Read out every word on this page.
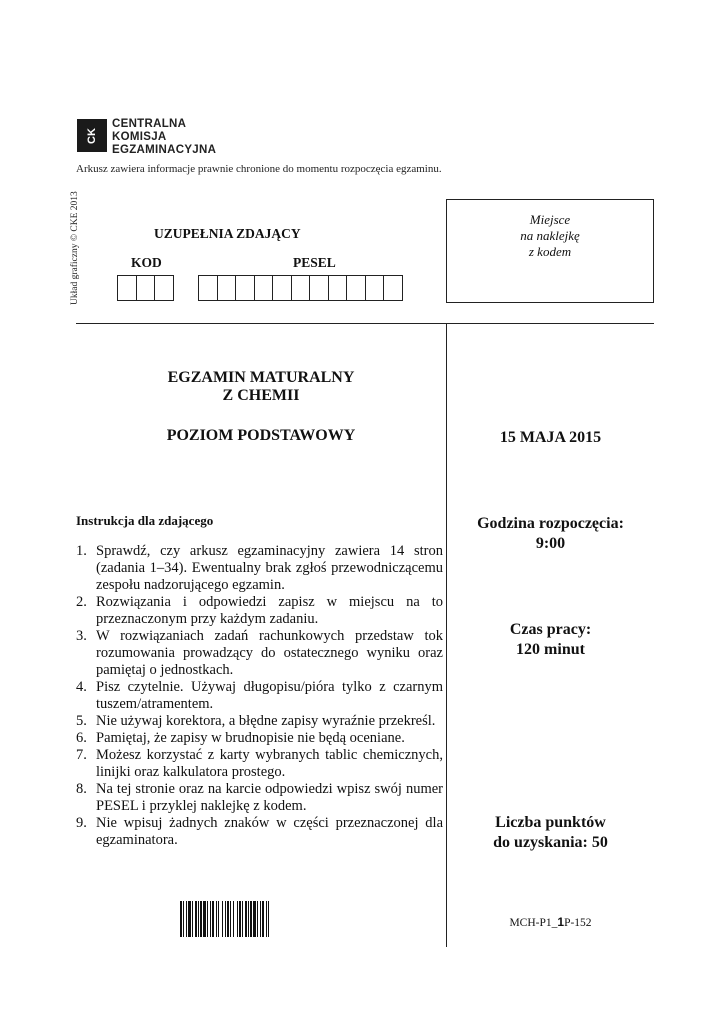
CK
CENTRALNA
KOMISJA
EGZAMINACYJNA
Arkusz zawiera informacje prawnie chronione do momentu rozpoczęcia egzaminu.
Układ graficzny © CKE 2013	UZUPEŁNIA ZDAJĄCY
KOD	PESEL
Miejsce
na naklejkę
z kodem
EGZAMIN MATURALNY
Z CHEMII
POZIOM PODSTAWOWY	15 MAJA 2015
Godzina rozpoczęcia:
9:00
Czas pracy:
120 minut
Liczba punktów
do uzyskania: 50
Instrukcja dla zdającego
1. Sprawdź, czy arkusz egzaminacyjny zawiera 14 stron (zadania 1–34). Ewentualny brak zgłoś przewodniczącemu zespołu nadzorującego egzamin.
2. Rozwiązania i odpowiedzi zapisz w miejscu na to przeznaczonym przy każdym zadaniu.
3. W rozwiązaniach zadań rachunkowych przedstaw tok rozumowania prowadzący do ostatecznego wyniku oraz pamiętaj o jednostkach.
4. Pisz czytelnie. Używaj długopisu/pióra tylko z czarnym tuszem/atramentem.
5. Nie używaj korektora, a błędne zapisy wyraźnie przekreśl.
6. Pamiętaj, że zapisy w brudnopisie nie będą oceniane.
7. Możesz korzystać z karty wybranych tablic chemicznych, linijki oraz kalkulatora prostego.
8. Na tej stronie oraz na karcie odpowiedzi wpisz swój numer PESEL i przyklej naklejkę z kodem.
9. Nie wpisuj żadnych znaków w części przeznaczonej dla egzaminatora.
MCH-P1_1P-152
